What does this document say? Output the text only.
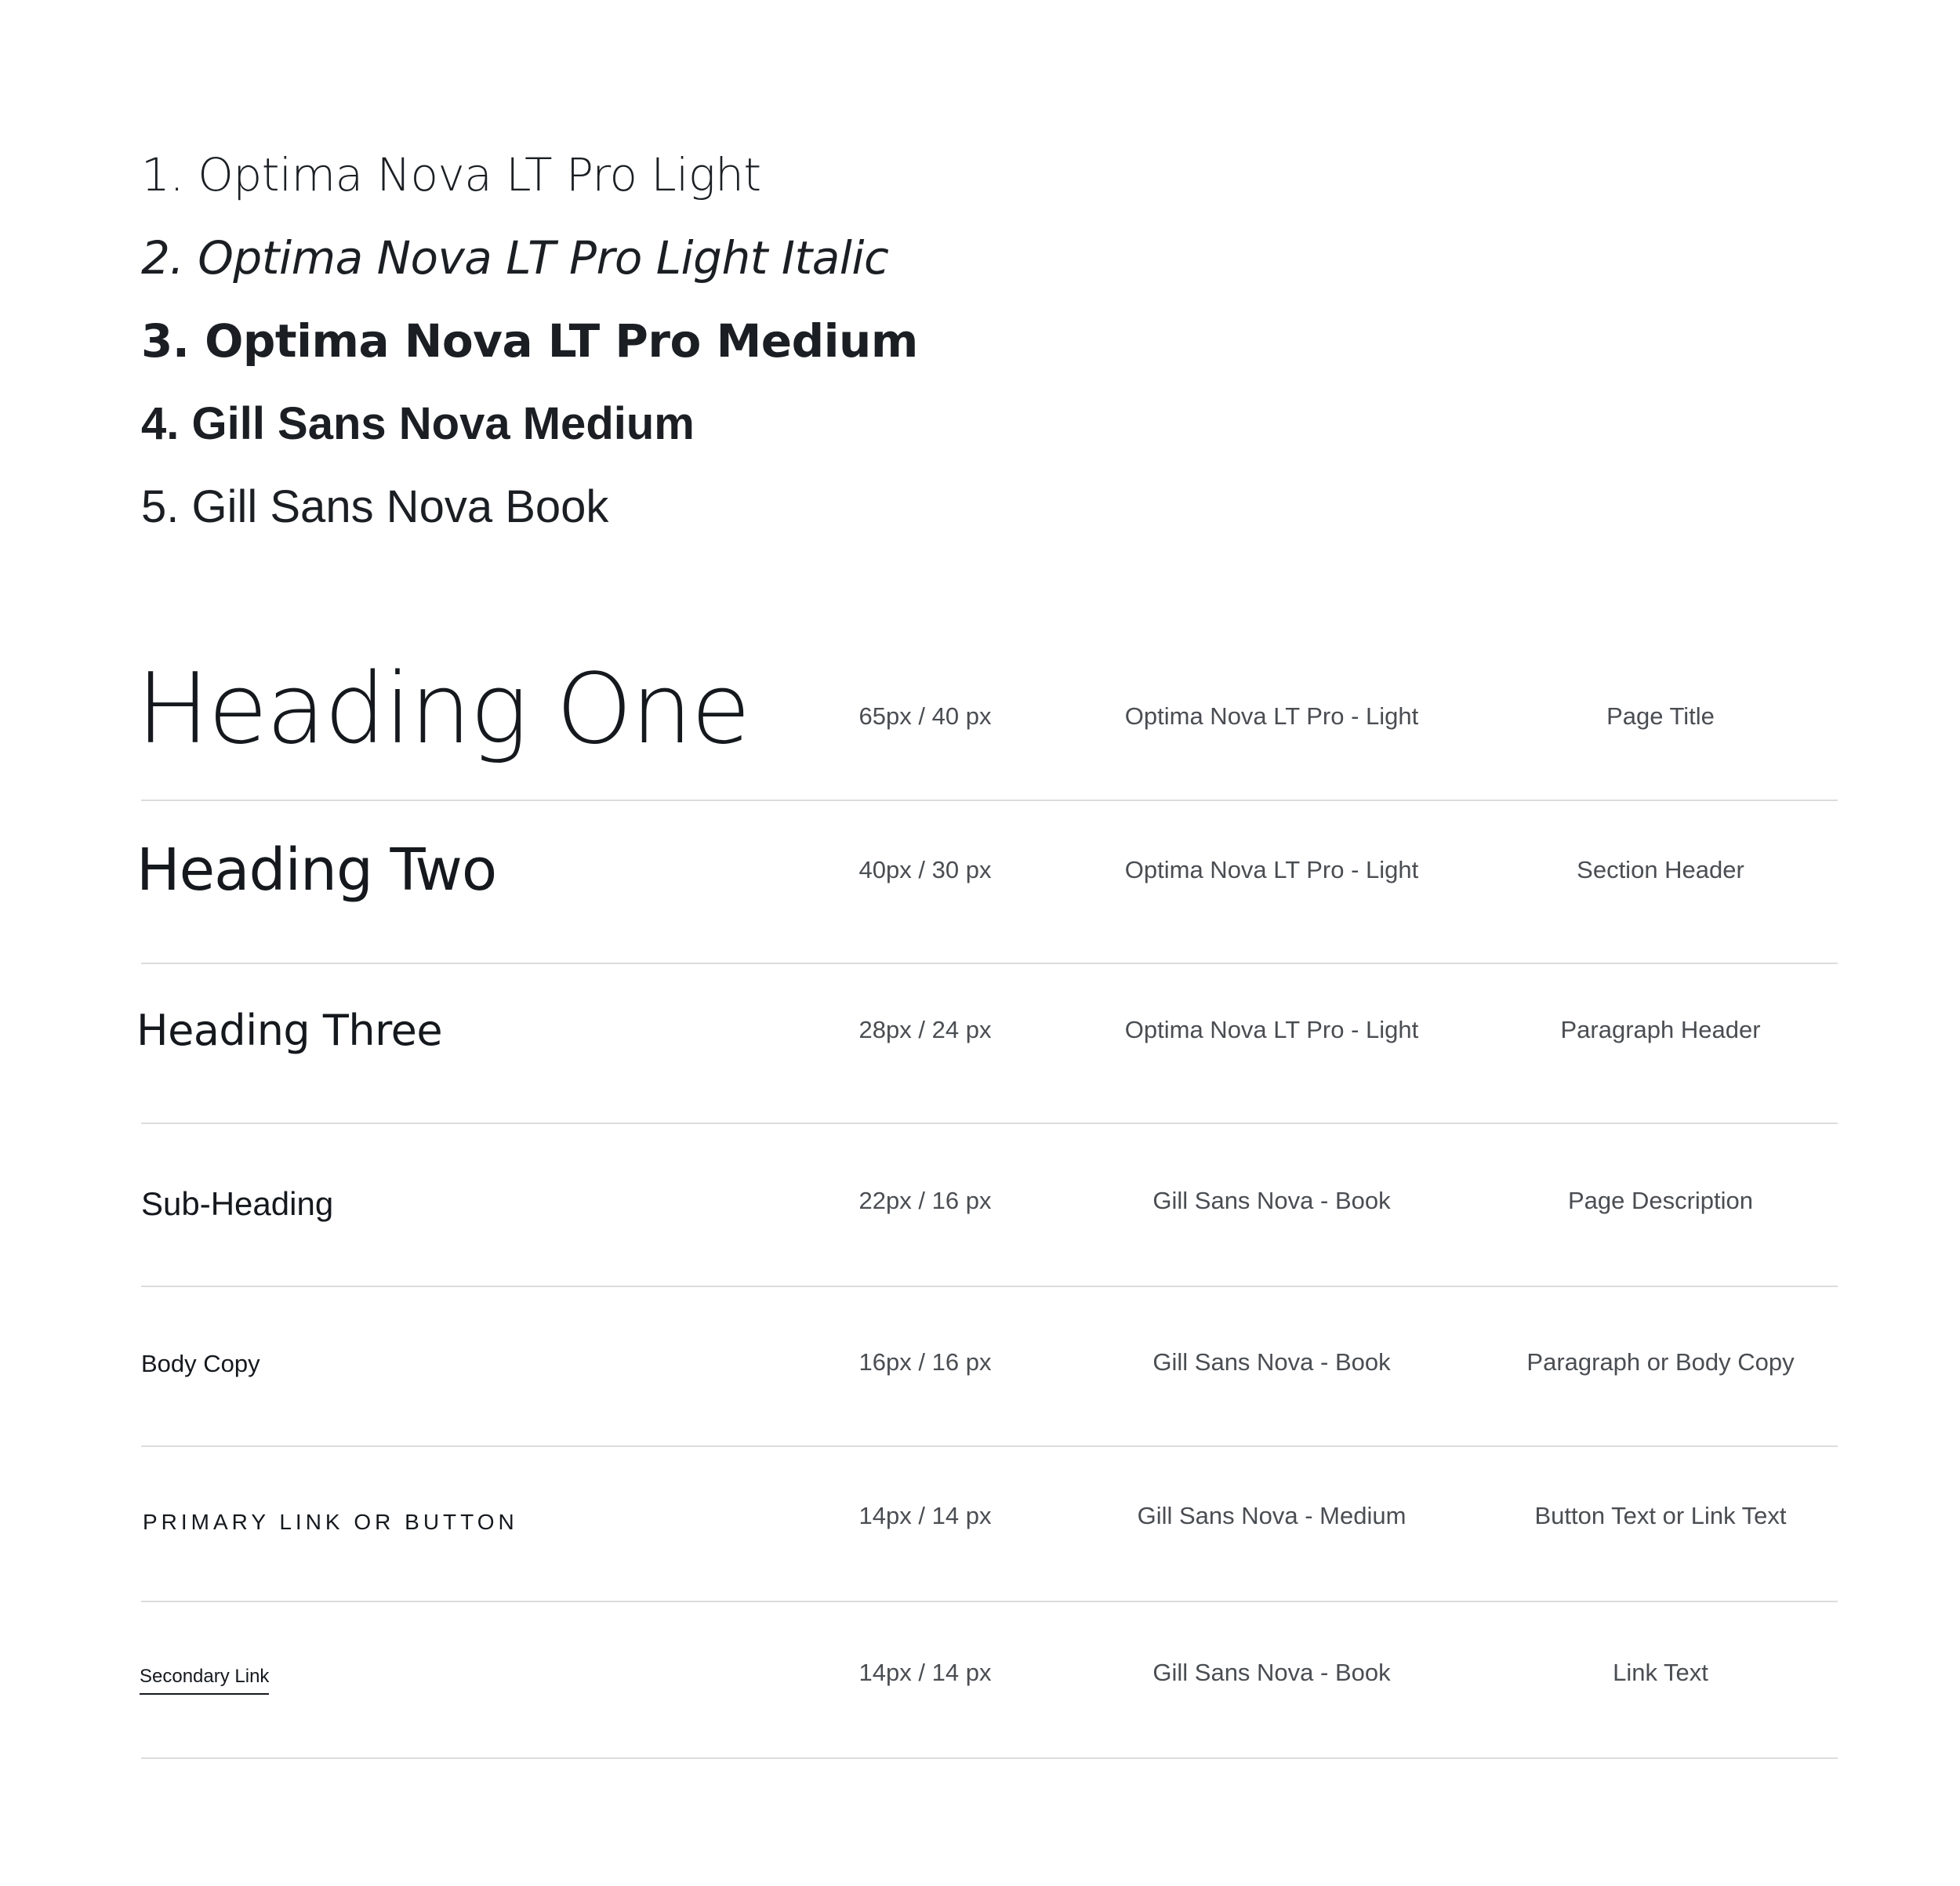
1. Optima Nova LT Pro Light
2. Optima Nova LT Pro Light Italic
3. Optima Nova LT Pro Medium
4. Gill Sans Nova Medium
5. Gill Sans Nova Book
Heading One	65px / 40 px	Optima Nova LT Pro - Light	Page Title
Heading Two	40px / 30 px	Optima Nova LT Pro - Light	Section Header
Heading Three	28px / 24 px	Optima Nova LT Pro - Light	Paragraph Header
Sub-Heading	22px / 16 px	Gill Sans Nova - Book	Page Description
Body Copy	16px / 16 px	Gill Sans Nova - Book	Paragraph or Body Copy
PRIMARY LINK OR BUTTON	14px / 14 px	Gill Sans Nova - Medium	Button Text or Link Text
Secondary Link	14px / 14 px	Gill Sans Nova - Book	Link Text
